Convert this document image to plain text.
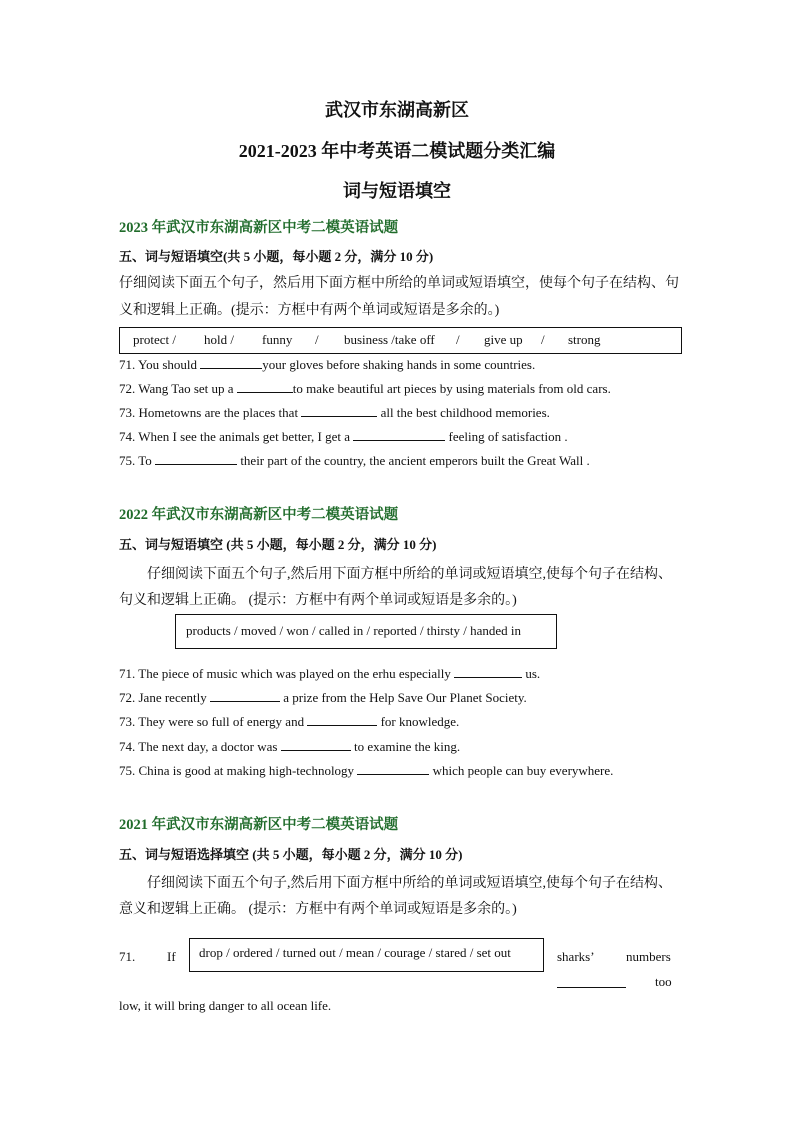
武汉市东湖高新区
2021-2023 年中考英语二模试题分类汇编
词与短语填空
2023 年武汉市东湖高新区中考二模英语试题
五、词与短语填空(共 5 小题，每小题 2 分，满分 10 分)
仔细阅读下面五个句子，然后用下面方框中所给的单词或短语填空，使每个句子在结构、句
义和逻辑上正确。(提示：方框中有两个单词或短语是多余的。)
protect / hold / funny / business /take off / give up / strong
71. You should	your gloves before shaking hands in some countries.
72. Wang Tao set up a	to make beautiful art pieces by using materials from old cars.
73. Hometowns are the places that	all the best childhood memories.
74. When I see the animals get better, I get a	feeling of satisfaction .
75. To	their part of the country, the ancient emperors built the Great Wall .
2022 年武汉市东湖高新区中考二模英语试题
五、词与短语填空 (共 5 小题，每小题 2 分，满分 10 分)
仔细阅读下面五个句子,然后用下面方框中所给的单词或短语填空,使每个句子在结构、
句义和逻辑上正确。 (提示：方框中有两个单词或短语是多余的。)
products / moved / won / called in / reported / thirsty / handed in
71. The piece of music which was played on the erhu especially	us.
72. Jane recently	a prize from the Help Save Our Planet Society.
73. They were so full of energy and	for knowledge.
74. The next day, a doctor was	to examine the king.
75. China is good at making high-technology	which people can buy everywhere.
2021 年武汉市东湖高新区中考二模英语试题
五、词与短语选择填空 (共 5 小题，每小题 2 分，满分 10 分)
仔细阅读下面五个句子,然后用下面方框中所给的单词或短语填空,使每个句子在结构、
意义和逻辑上正确。 (提示：方框中有两个单词或短语是多余的。)
drop / ordered / turned out / mean / courage / stared / set out
71. If	sharks’ numbers
too
low, it will bring danger to all ocean life.
